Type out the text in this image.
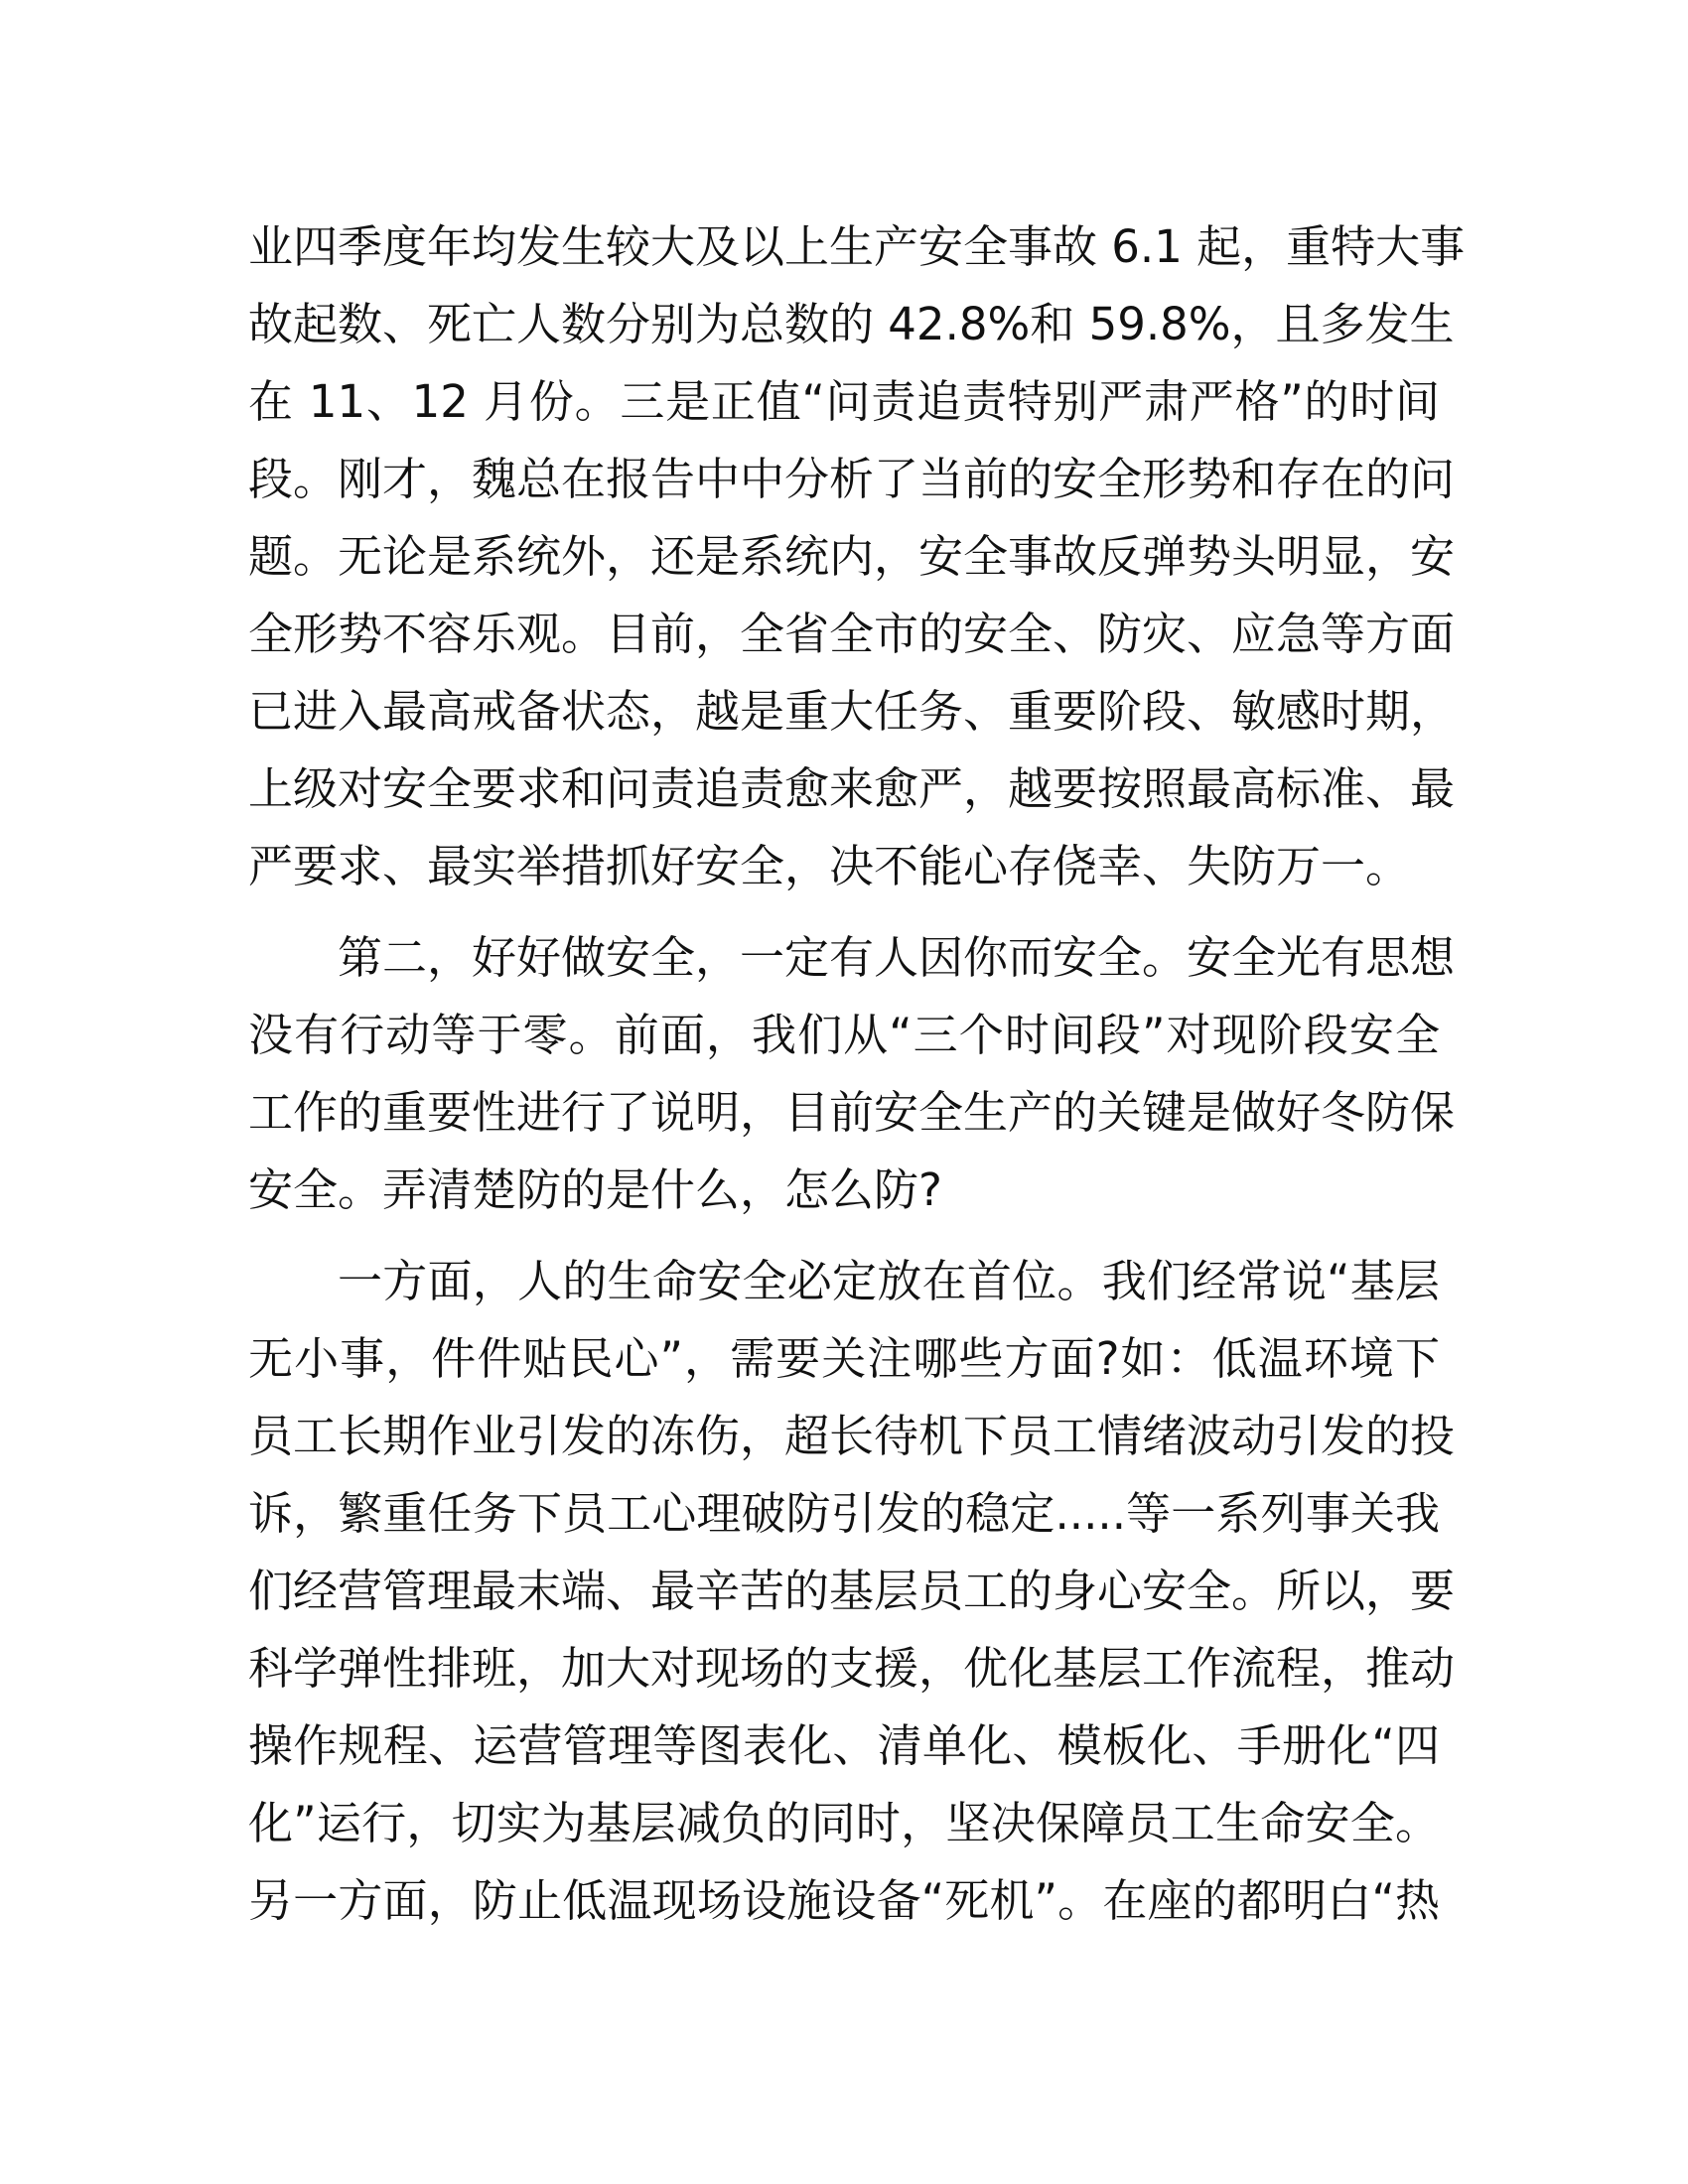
业四季度年均发生较大及以上生产安全事故 6.1 起，重特大事
故起数、死亡人数分别为总数的 42.8%和 59.8%，且多发生
在 11、12 月份。三是正值“问责追责特别严肃严格”的时间
段。刚才，魏总在报告中中分析了当前的安全形势和存在的问
题。无论是系统外，还是系统内，安全事故反弹势头明显，安
全形势不容乐观。目前，全省全市的安全、防灾、应急等方面
已进入最高戒备状态，越是重大任务、重要阶段、敏感时期，
上级对安全要求和问责追责愈来愈严，越要按照最高标准、最
严要求、最实举措抓好安全，决不能心存侥幸、失防万一。
第二，好好做安全，一定有人因你而安全。安全光有思想
没有行动等于零。前面，我们从“三个时间段”对现阶段安全
工作的重要性进行了说明，目前安全生产的关键是做好冬防保
安全。弄清楚防的是什么，怎么防?
一方面，人的生命安全必定放在首位。我们经常说“基层
无小事，件件贴民心”，需要关注哪些方面?如：低温环境下
员工长期作业引发的冻伤，超长待机下员工情绪波动引发的投
诉，繁重任务下员工心理破防引发的稳定.....等一系列事关我
们经营管理最末端、最辛苦的基层员工的身心安全。所以，要
科学弹性排班，加大对现场的支援，优化基层工作流程，推动
操作规程、运营管理等图表化、清单化、模板化、手册化“四
化”运行，切实为基层减负的同时，坚决保障员工生命安全。
另一方面，防止低温现场设施设备“死机”。在座的都明白“热
